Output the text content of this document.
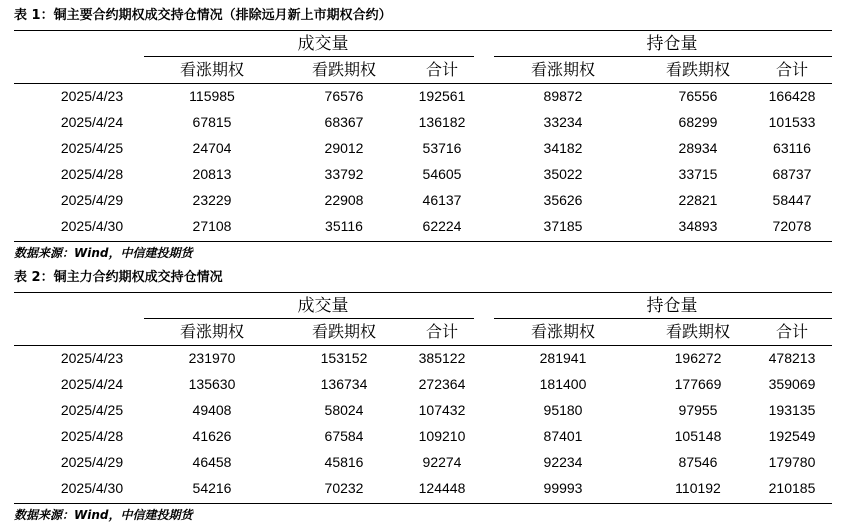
表 1：铜主要合约期权成交持仓情况（排除远月新上市期权合约）
成交量	持仓量
看涨期权	看跌期权	合计	看涨期权	看跌期权	合计
2025/4/23	115985	76576	192561	89872	76556	166428
2025/4/24	67815	68367	136182	33234	68299	101533
2025/4/25	24704	29012	53716	34182	28934	63116
2025/4/28	20813	33792	54605	35022	33715	68737
2025/4/29	23229	22908	46137	35626	22821	58447
2025/4/30	27108	35116	62224	37185	34893	72078
数据来源：Wind，中信建投期货
表 2：铜主力合约期权成交持仓情况
成交量	持仓量
看涨期权	看跌期权	合计	看涨期权	看跌期权	合计
2025/4/23	231970	153152	385122	281941	196272	478213
2025/4/24	135630	136734	272364	181400	177669	359069
2025/4/25	49408	58024	107432	95180	97955	193135
2025/4/28	41626	67584	109210	87401	105148	192549
2025/4/29	46458	45816	92274	92234	87546	179780
2025/4/30	54216	70232	124448	99993	110192	210185
数据来源：Wind，中信建投期货
